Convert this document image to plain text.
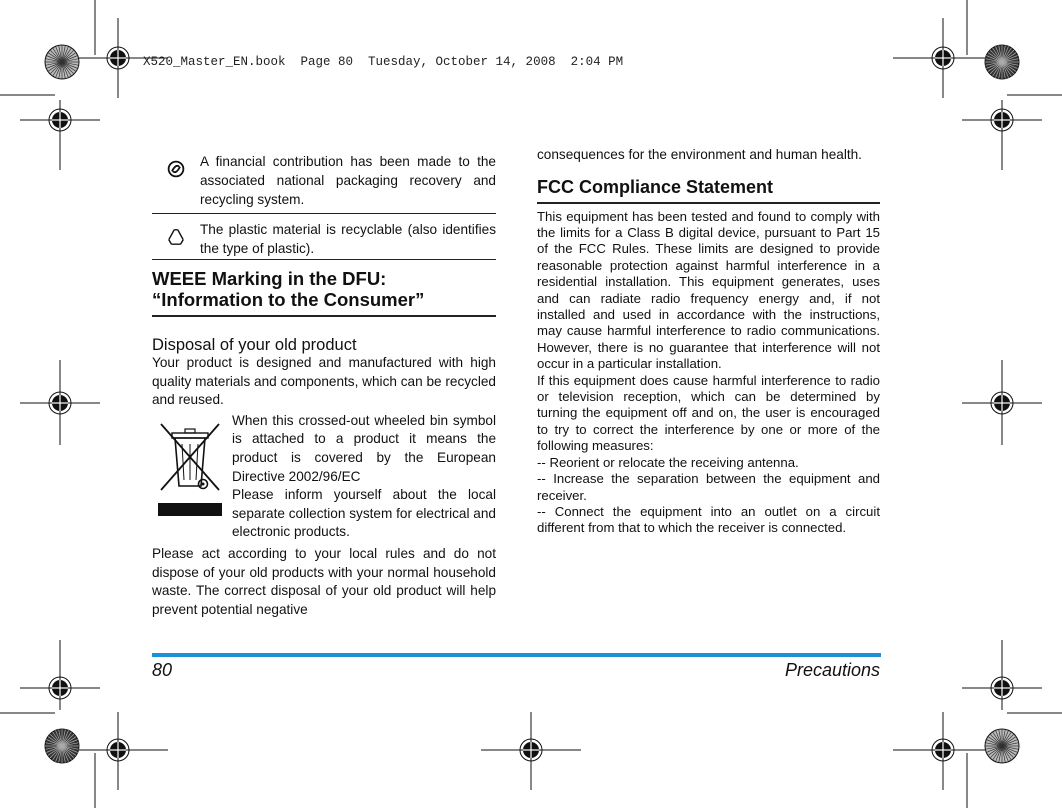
X520_Master_EN.book  Page 80  Tuesday, October 14, 2008  2:04 PM
A financial contribution has been made to the associated national packaging recovery and recycling system.
The plastic material is recyclable (also identifies the type of plastic).
WEEE Marking in the DFU:
“Information to the Consumer”
Disposal of your old product
Your product is designed and manufactured with high quality materials and components, which can be recycled and reused.
When this crossed-out wheeled bin symbol is attached to a product it means the product is covered by the European Directive 2002/96/EC
Please inform yourself about the local separate collection system for electrical and electronic products.
Please act according to your local rules and do not dispose of your old products with your normal household waste. The correct disposal of your old product will help prevent potential negative
consequences for the environment and human health.
FCC Compliance Statement
This equipment has been tested and found to comply with the limits for a Class B digital device, pursuant to Part 15 of the FCC Rules. These limits are designed to provide reasonable protection against harmful interference in a residential installation. This equipment generates, uses and can radiate radio frequency energy and, if not installed and used in accordance with the instructions, may cause harmful interference to radio communications. However, there is no guarantee that interference will not occur in a particular installation.
If this equipment does cause harmful interference to radio or television reception, which can be determined by turning the equipment off and on, the user is encouraged to try to correct the interference by one or more of the following measures:
-- Reorient or relocate the receiving antenna.
-- Increase the separation between the equipment and receiver.
-- Connect the equipment into an outlet on a circuit different from that to which the receiver is connected.
80	Precautions
